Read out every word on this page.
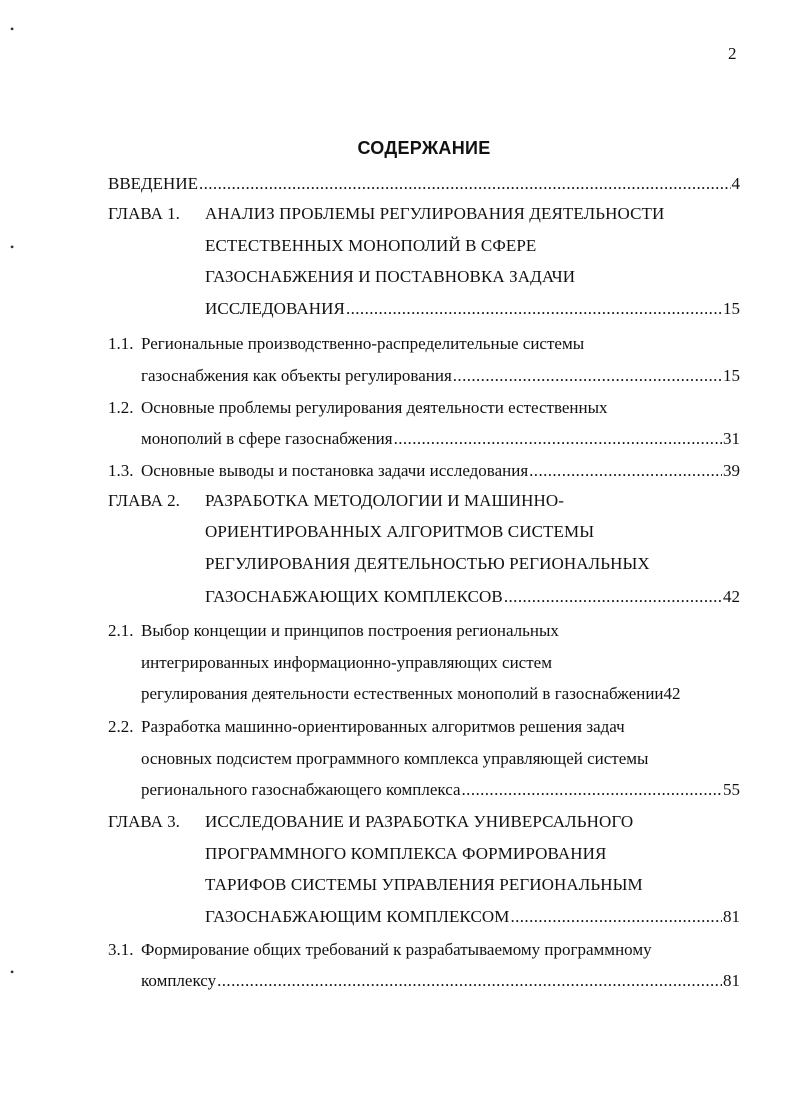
•
•
•
2
СОДЕРЖАНИЕ
ВВЕДЕНИЕ .....	4
ГЛАВА 1. АНАЛИЗ ПРОБЛЕМЫ РЕГУЛИРОВАНИЯ ДЕЯТЕЛЬНОСТИ
ЕСТЕСТВЕННЫХ МОНОПОЛИЙ В СФЕРЕ
ГАЗОСНАБЖЕНИЯ И ПОСТАВНОВКА ЗАДАЧИ
ИССЛЕДОВАНИЯ .....	15
1.1. Региональные производственно-распределительные системы
газоснабжения как объекты регулирования .....	15
1.2. Основные проблемы регулирования деятельности естественных
монополий в сфере газоснабжения .....	31
1.3. Основные выводы и постановка задачи исследования .....	39
ГЛАВА 2. РАЗРАБОТКА МЕТОДОЛОГИИ И МАШИННО-
ОРИЕНТИРОВАННЫХ АЛГОРИТМОВ СИСТЕМЫ
РЕГУЛИРОВАНИЯ ДЕЯТЕЛЬНОСТЬЮ РЕГИОНАЛЬНЫХ
ГАЗОСНАБЖАЮЩИХ КОМПЛЕКСОВ .....	42
2.1. Выбор концещии и принципов построения региональных
интегрированных информационно-управляющих систем
регулирования деятельности естественных монополий в газоснабжении 42
2.2. Разработка машинно-ориентированных алгоритмов решения задач
основных подсистем программного комплекса управляющей системы
регионального газоснабжающего комплекса .....	55
ГЛАВА 3. ИССЛЕДОВАНИЕ И РАЗРАБОТКА УНИВЕРСАЛЬНОГО
ПРОГРАММНОГО КОМПЛЕКСА ФОРМИРОВАНИЯ
ТАРИФОВ СИСТЕМЫ УПРАВЛЕНИЯ РЕГИОНАЛЬНЫМ
ГАЗОСНАБЖАЮЩИМ КОМПЛЕКСОМ .....	81
3.1. Формирование общих требований к разрабатываемому программному
комплексу .....	81
